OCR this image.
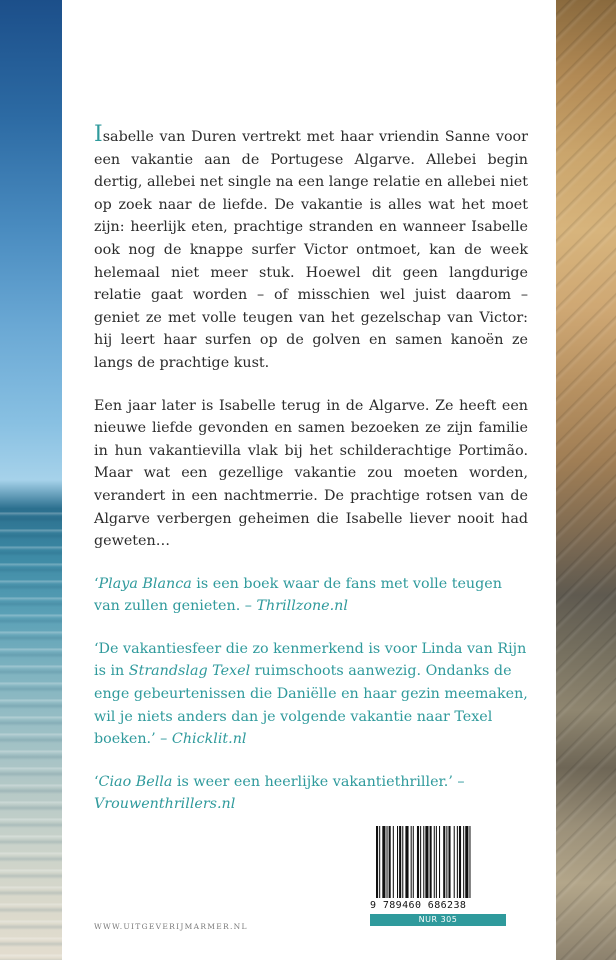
Isabelle van Duren vertrekt met haar vriendin Sanne voor een vakantie aan de Portugese Algarve. Allebei begin dertig, allebei net single na een lange relatie en allebei niet op zoek naar de liefde. De vakantie is alles wat het moet zijn: heerlijk eten, prachtige stranden en wanneer Isabelle ook nog de knappe surfer Victor ontmoet, kan de week helemaal niet meer stuk. Hoewel dit geen langdurige relatie gaat worden – of misschien wel juist daarom – geniet ze met volle teugen van het gezelschap van Victor: hij leert haar surfen op de golven en samen kanoën ze langs de prachtige kust.

Een jaar later is Isabelle terug in de Algarve. Ze heeft een nieuwe liefde gevonden en samen bezoeken ze zijn familie in hun vakantievilla vlak bij het schilderachtige Portimão. Maar wat een gezellige vakantie zou moeten worden, verandert in een nachtmerrie. De prachtige rotsen van de Algarve verbergen geheimen die Isabelle liever nooit had geweten…

‘Playa Blanca is een boek waar de fans met volle teugen van zullen genieten. – Thrillzone.nl

‘De vakantiesfeer die zo kenmerkend is voor Linda van Rijn is in Strandslag Texel ruimschoots aanwezig. Ondanks de enge gebeurtenissen die Daniëlle en haar gezin meemaken, wil je niets anders dan je volgende vakantie naar Texel boeken.’ – Chicklit.nl

‘Ciao Bella is weer een heerlijke vakantiethriller.’ – Vrouwenthrillers.nl

WWW.UITGEVERIJMARMER.NL
9 789460 686238
NUR 305
